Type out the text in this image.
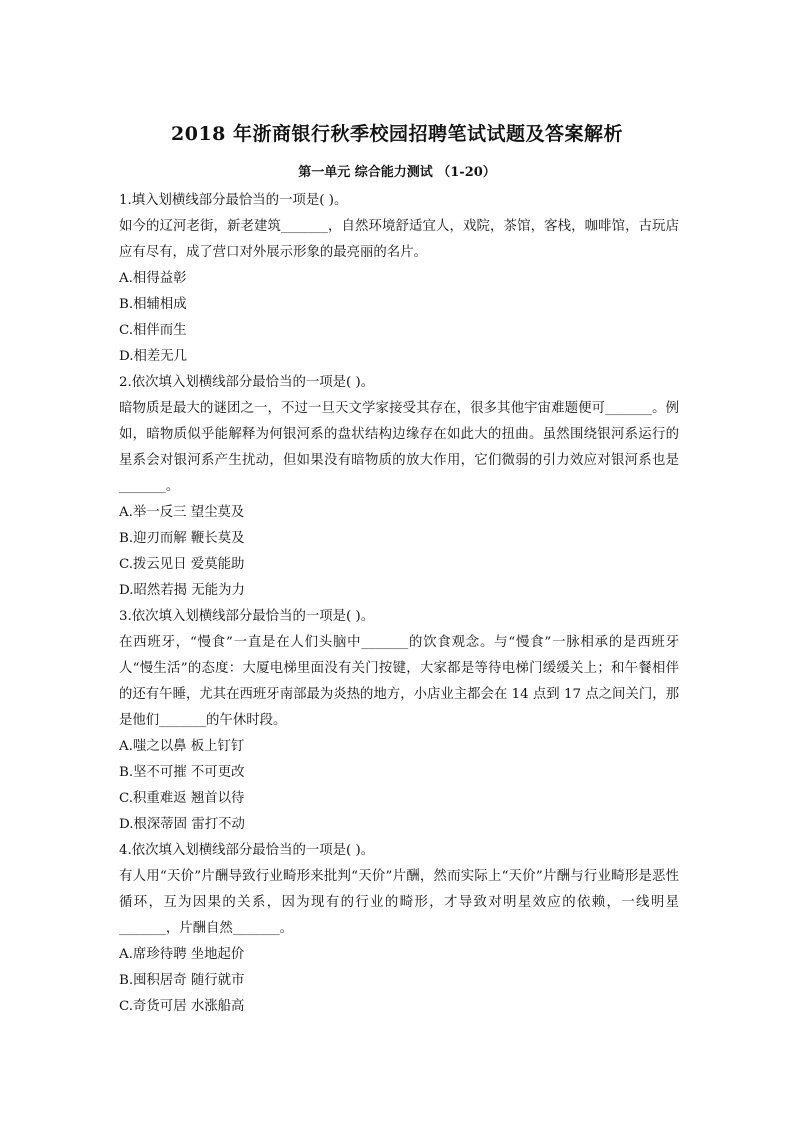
2018 年浙商银行秋季校园招聘笔试试题及答案解析
第一单元 综合能力测试 （1-20）
1.填入划横线部分最恰当的一项是( )。
如今的辽河老街，新老建筑_______，自然环境舒适宜人，戏院，茶馆，客栈，咖啡馆，古玩店应有尽有，成了营口对外展示形象的最亮丽的名片。
A.相得益彰
B.相辅相成
C.相伴而生
D.相差无几
2.依次填入划横线部分最恰当的一项是( )。
暗物质是最大的谜团之一，不过一旦天文学家接受其存在，很多其他宇宙难题便可_______。例如，暗物质似乎能解释为何银河系的盘状结构边缘存在如此大的扭曲。虽然围绕银河系运行的星系会对银河系产生扰动，但如果没有暗物质的放大作用，它们微弱的引力效应对银河系也是_______。
A.举一反三 望尘莫及
B.迎刃而解 鞭长莫及
C.拨云见日 爱莫能助
D.昭然若揭 无能为力
3.依次填入划横线部分最恰当的一项是( )。
在西班牙，“慢食”一直是在人们头脑中_______的饮食观念。与“慢食”一脉相承的是西班牙人“慢生活”的态度：大厦电梯里面没有关门按键，大家都是等待电梯门缓缓关上；和午餐相伴的还有午睡，尤其在西班牙南部最为炎热的地方，小店业主都会在 14 点到 17 点之间关门，那是他们_______的午休时段。
A.嗤之以鼻 板上钉钉
B.坚不可摧 不可更改
C.积重难返 翘首以待
D.根深蒂固 雷打不动
4.依次填入划横线部分最恰当的一项是( )。
有人用“天价”片酬导致行业畸形来批判“天价”片酬，然而实际上“天价”片酬与行业畸形是恶性循环，互为因果的关系，因为现有的行业的畸形，才导致对明星效应的依赖，一线明星_______，片酬自然_______。
A.席珍待聘 坐地起价
B.囤积居奇 随行就市
C.奇货可居 水涨船高
